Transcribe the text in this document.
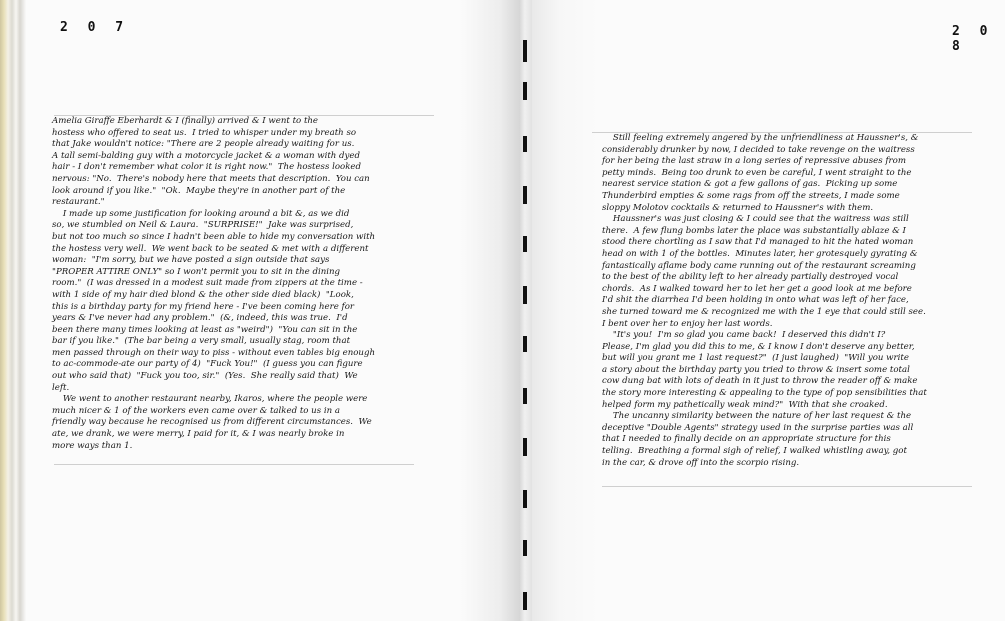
2 0 7

Amelia Giraffe Eberhardt & I (finally) arrived & I went to the

hostess who offered to seat us.  I tried to whisper under my breath so

that Jake wouldn't notice: "There are 2 people already waiting for us.

A tall semi-balding guy with a motorcycle jacket & a woman with dyed

hair - I don't remember what color it is right now."  The hostess looked

nervous: "No.  There's nobody here that meets that description.  You can

look around if you like."  "Ok.  Maybe they're in another part of the

restaurant."

I made up some justification for looking around a bit &, as we did

so, we stumbled on Neil & Laura.  "SURPRISE!"  Jake was surprised,

but not too much so since I hadn't been able to hide my conversation with

the hostess very well.  We went back to be seated & met with a different

woman:  "I'm sorry, but we have posted a sign outside that says

"PROPER ATTIRE ONLY" so I won't permit you to sit in the dining

room."  (I was dressed in a modest suit made from zippers at the time -

with 1 side of my hair died blond & the other side died black)  "Look,

this is a birthday party for my friend here - I've been coming here for

years & I've never had any problem."  (&, indeed, this was true.  I'd

been there many times looking at least as "weird")  "You can sit in the

bar if you like."  (The bar being a very small, usually stag, room that

men passed through on their way to piss - without even tables big enough

to ac-commode-ate our party of 4)  "Fuck You!"  (I guess you can figure

out who said that)  "Fuck you too, sir."  (Yes.  She really said that)  We

left.

We went to another restaurant nearby, Ikaros, where the people were

much nicer & 1 of the workers even came over & talked to us in a

friendly way because he recognised us from different circumstances.  We

ate, we drank, we were merry, I paid for it, & I was nearly broke in

more ways than 1.

2 0 8

Still feeling extremely angered by the unfriendliness at Haussner's, &

considerably drunker by now, I decided to take revenge on the waitress

for her being the last straw in a long series of repressive abuses from

petty minds.  Being too drunk to even be careful, I went straight to the

nearest service station & got a few gallons of gas.  Picking up some

Thunderbird empties & some rags from off the streets, I made some

sloppy Molotov cocktails & returned to Haussner's with them.

Haussner's was just closing & I could see that the waitress was still

there.  A few flung bombs later the place was substantially ablaze & I

stood there chortling as I saw that I'd managed to hit the hated woman

head on with 1 of the bottles.  Minutes later, her grotesquely gyrating &

fantastically aflame body came running out of the restaurant screaming

to the best of the ability left to her already partially destroyed vocal

chords.  As I walked toward her to let her get a good look at me before

I'd shit the diarrhea I'd been holding in onto what was left of her face,

she turned toward me & recognized me with the 1 eye that could still see.

I bent over her to enjoy her last words.

"It's you!  I'm so glad you came back!  I deserved this didn't I?

Please, I'm glad you did this to me, & I know I don't deserve any better,

but will you grant me 1 last request?"  (I just laughed)  "Will you write

a story about the birthday party you tried to throw & insert some total

cow dung bat with lots of death in it just to throw the reader off & make

the story more interesting & appealing to the type of pop sensibilities that

helped form my pathetically weak mind?"  With that she croaked.

The uncanny similarity between the nature of her last request & the

deceptive "Double Agents" strategy used in the surprise parties was all

that I needed to finally decide on an appropriate structure for this

telling.  Breathing a formal sigh of relief, I walked whistling away, got

in the car, & drove off into the scorpio rising.
